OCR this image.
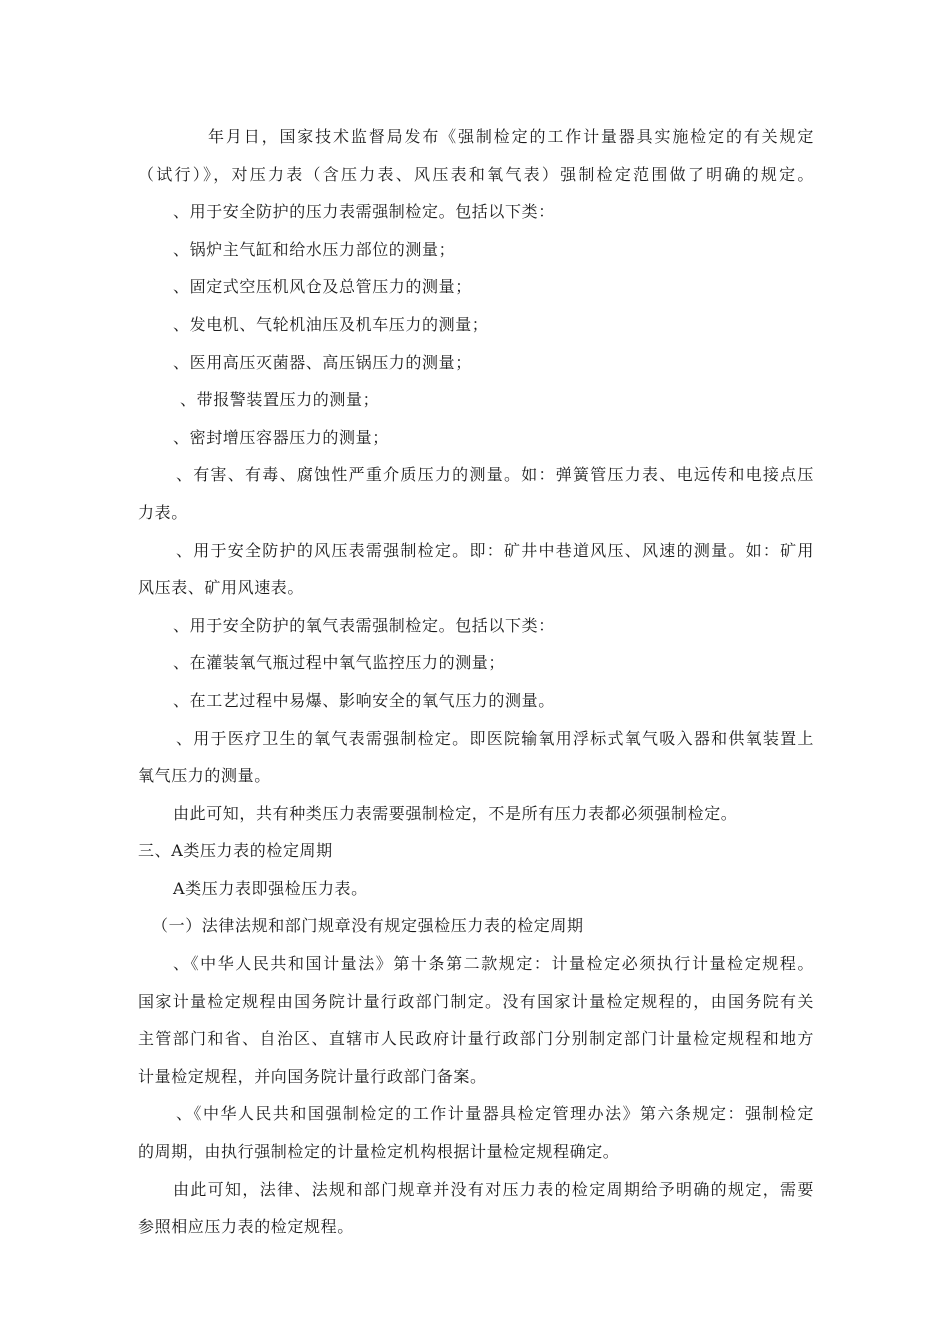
年月日，国家技术监督局发布《强制检定的工作计量器具实施检定的有关规定
（试行）》，对压力表（含压力表、风压表和氧气表）强制检定范围做了明确的规定。
、用于安全防护的压力表需强制检定。包括以下类：
、锅炉主气缸和给水压力部位的测量；
、固定式空压机风仓及总管压力的测量；
、发电机、气轮机油压及机车压力的测量；
、医用高压灭菌器、高压锅压力的测量；
、带报警装置压力的测量；
、密封增压容器压力的测量；
、有害、有毒、腐蚀性严重介质压力的测量。如：弹簧管压力表、电远传和电接点压
力表。
、用于安全防护的风压表需强制检定。即：矿井中巷道风压、风速的测量。如：矿用
风压表、矿用风速表。
、用于安全防护的氧气表需强制检定。包括以下类：
、在灌装氧气瓶过程中氧气监控压力的测量；
、在工艺过程中易爆、影响安全的氧气压力的测量。
、用于医疗卫生的氧气表需强制检定。即医院输氧用浮标式氧气吸入器和供氧装置上
氧气压力的测量。
由此可知，共有种类压力表需要强制检定，不是所有压力表都必须强制检定。
三、A类压力表的检定周期
A类压力表即强检压力表。
（一）法律法规和部门规章没有规定强检压力表的检定周期
、《中华人民共和国计量法》第十条第二款规定：计量检定必须执行计量检定规程。
国家计量检定规程由国务院计量行政部门制定。没有国家计量检定规程的，由国务院有关
主管部门和省、自治区、直辖市人民政府计量行政部门分别制定部门计量检定规程和地方
计量检定规程，并向国务院计量行政部门备案。
、《中华人民共和国强制检定的工作计量器具检定管理办法》第六条规定：强制检定
的周期，由执行强制检定的计量检定机构根据计量检定规程确定。
由此可知，法律、法规和部门规章并没有对压力表的检定周期给予明确的规定，需要
参照相应压力表的检定规程。
